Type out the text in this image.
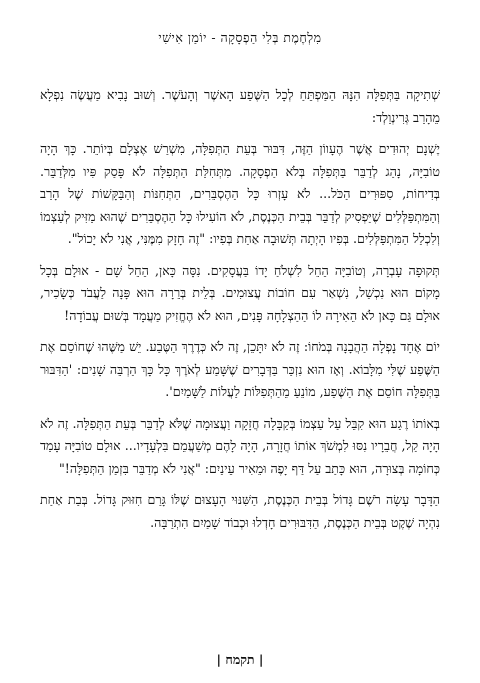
מִלְחֶמֶת בְּלִי הַפְסָקָה - יוֹמַן אִישִׁי

שְׁתִיקָה בַּתְּפִלָּה הִנָּהּ הַמַּפְתֵּחַ לְכָל הַשֶּׁפַע הָאשֶׁר וְהָעֹשֶׁר. וְשׁוּב נָבִיא מַעֲשֶׂה נִפְלָא מֵהָרַב גְּרִינְוַלְד:

יֶשְׁנָם יְהוּדִים אֲשֶׁר הֶעָווֹן הַזֶּה, דִּבּוּר בְּעֵת הַתְּפִלָּה, מִשְׁרַשׁ אֶצְלָם בְּיוֹתֵר. כָּךְ הָיָה טוֹבִיָּה, נָהַג לְדַבֵּר בַּתְּפִלָּה בְּלֹא הַפְסָקָה. מִתְּחִלַּת הַתְּפִלָּה לֹא פָּסַק פִּיו מִלְּדַבֵּר. בְּדִיחוֹת, סִפּוּרִים הַכֹּל... לֹא עָזְרוּ כָּל הַהֶסְבֵּרִים, הַתְּחִנּוֹת וְהַבַּקָּשׁוֹת שֶׁל הָרַב וְהַמִּתְפַּלְּלִים שֶׁיַּפְסִיק לְדַבֵּר בְּבֵית הַכְּנֶסֶת, לֹא הוֹעִילוּ כָּל הַהֶסְבֵּרִים שֶׁהוּא מַזִּיק לְעַצְמוֹ וְלִכְלַל הַמִּתְפַּלְּלִים. בְּפִיו הָיְתָה תְּשׁוּבָה אַחַת בְּפִיו: "זֶה חָזָק מִמֶּנִּי, אֲנִי לֹא יָכוֹל".

תְּקוּפָה עָבְרָה, וְטוֹבִיָּה הֵחֵל לִשְׁלֹחַ יָדוֹ בַּעֲסָקִים. נִסָּה כָּאן, הֵחֵל שָׁם - אוּלָם בְּכָל מָקוֹם הוּא נִכְשַׁל, נִשְׁאַר עִם חוֹבוֹת עֲצוּמִים. בְּלֵית בְּרֵרָה הוּא פָּנָה לַעֲבֹד כְּשָׂכִיר, אוּלָם גַּם כָּאן לֹא הֵאִירָה לוֹ הַהַצְלָחָה פָּנִים, הוּא לֹא הֶחֱזִיק מַעֲמָד בְּשׁוּם עֲבוֹדָה!

יוֹם אֶחָד נָפְלָה הַהֲבָנָה בְּמֹחוֹ: זֶה לֹא יִתָּכֵן, זֶה לֹא כְּדֶרֶךְ הַטֶּבַע. יֵשׁ מַשֶּׁהוּ שֶׁחוֹסֵם אֶת הַשֶּׁפַע שֶׁלִּי מִלָּבוֹא. וְאָז הוּא נִזְכַּר בַּדְּבָרִים שֶׁשָּׁמַע לְאֹרֶךְ כָּל כָּךְ הַרְבֵּה שָׁנִים: 'הַדִּבּוּר בַּתְּפִלָּה חוֹסֵם אֶת הַשֶּׁפַע, מוֹנֵעַ מֵהַתְּפִלּוֹת לַעֲלוֹת לַשָּׁמַיִם'.

בְּאוֹתוֹ רֶגַע הוּא קִבֵּל עַל עַצְמוֹ בְּקַבָּלָה חֲזָקָה וַעֲצוּמָה שֶׁלֹּא לְדַבֵּר בְּעֵת הַתְּפִלָּה. זֶה לֹא הָיָה קַל, חֲבֵרָיו נִסּוּ לִמְשֹׁךְ אוֹתוֹ חֲזָרָה, הָיָה לָהֶם מְשַׁעֲמֵם בִּלְעָדָיו... אוּלָם טוֹבִיָּה עָמַד כְּחוֹמָה בְּצוּרָה, הוּא כָּתַב עַל דַּף יָפֶה וּמֵאִיר עֵינַיִם: "אֲנִי לֹא מְדַבֵּר בִּזְמַן הַתְּפִלָּה!"

הַדָּבָר עָשָׂה רֹשֶׁם גָּדוֹל בְּבֵית הַכְּנֶסֶת, הַשִּׁנּוּי הָעָצוּם שֶׁלּוֹ גָּרַם חִזּוּק גָּדוֹל. בְּבַת אַחַת נִהְיָה שֶׁקֶט בְּבֵית הַכְּנֶסֶת, הַדִּבּוּרִים חָדְלוּ וּכְבוֹד שָׁמַיִם הִתְרַבָּה.

| תקמח |
